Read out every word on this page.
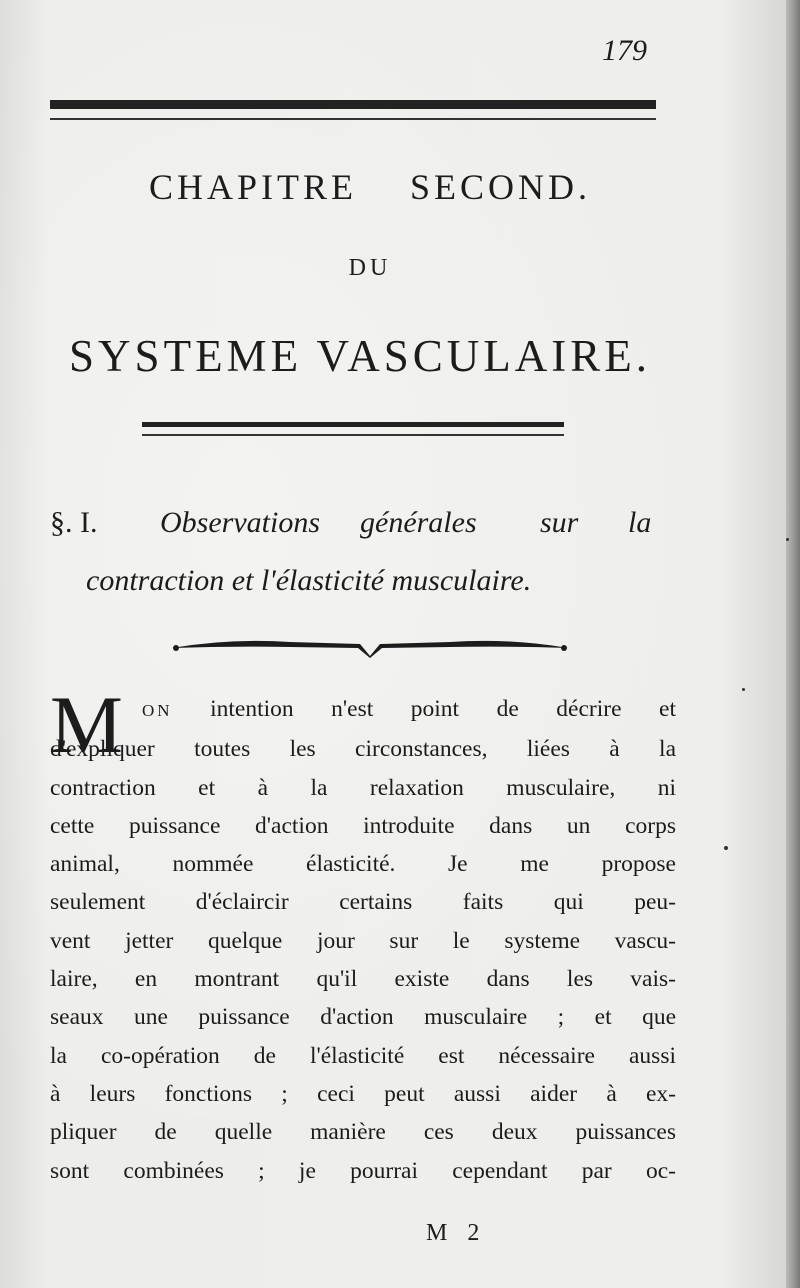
179
CHAPITRE SECOND.
DU
SYSTEME VASCULAIRE.
§. I. Observations générales sur la
contraction et l'élasticité musculaire.
M	ON intention n'est point de décrire et
d'expliquer toutes les circonstances, liées à la
contraction et à la relaxation musculaire, ni
cette puissance d'action introduite dans un corps
animal, nommée élasticité. Je me propose
seulement d'éclaircir certains faits qui peu-
vent jetter quelque jour sur le systeme vascu-
laire, en montrant qu'il existe dans les vais-
seaux une puissance d'action musculaire ; et que
la co-opération de l'élasticité est nécessaire aussi
à leurs fonctions ; ceci peut aussi aider à ex-
pliquer de quelle manière ces deux puissances
sont combinées ; je pourrai cependant par oc-
M 2
